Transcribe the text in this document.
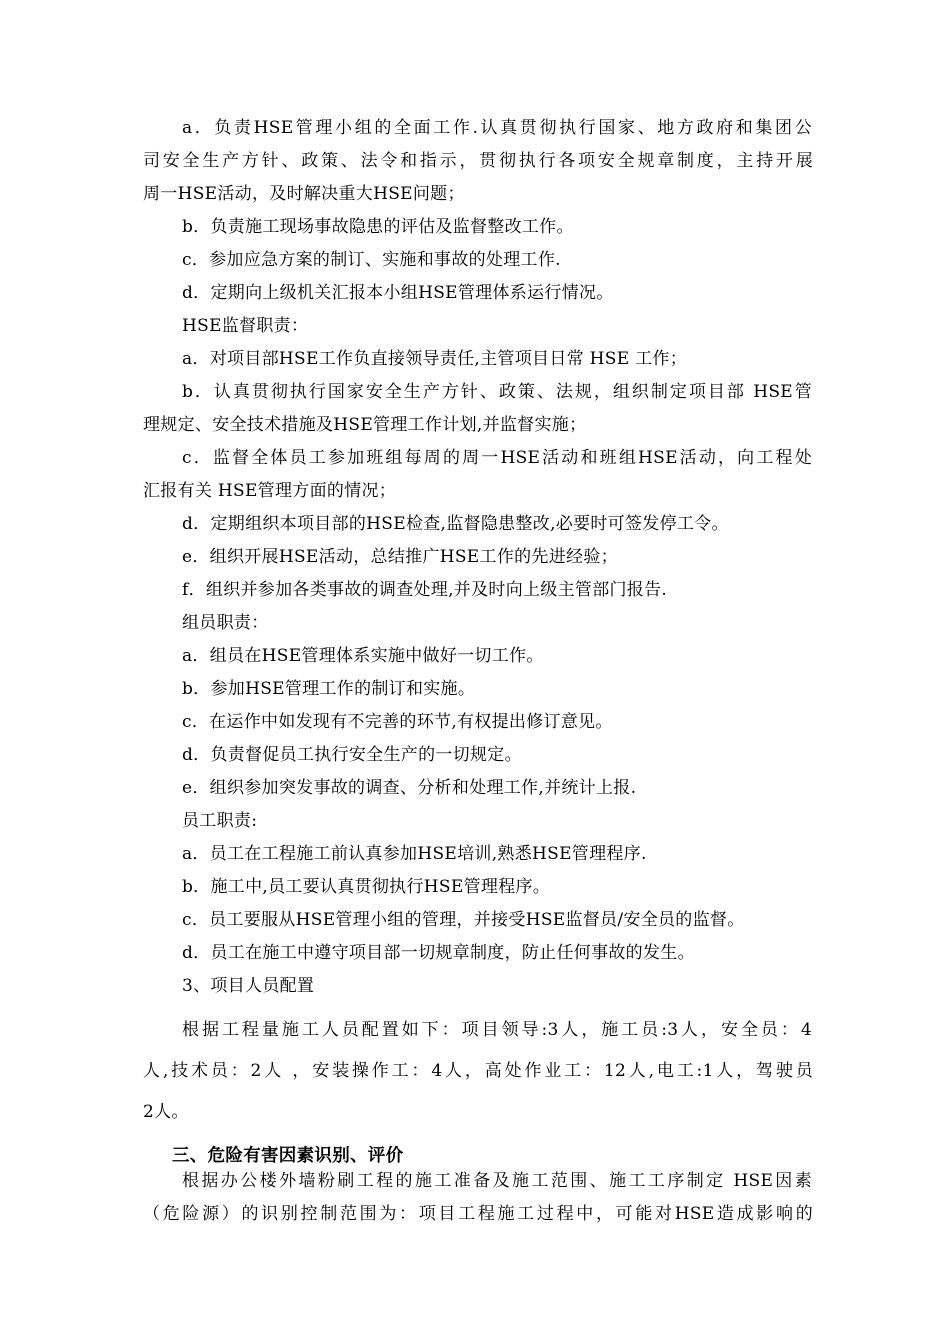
a．负责HSE管理小组的全面工作.认真贯彻执行国家、地方政府和集团公
司安全生产方针、政策、法令和指示，贯彻执行各项安全规章制度，主持开展
周一HSE活动，及时解决重大HSE问题；
b．负责施工现场事故隐患的评估及监督整改工作。
c．参加应急方案的制订、实施和事故的处理工作.
d．定期向上级机关汇报本小组HSE管理体系运行情况。
HSE监督职责：
a．对项目部HSE工作负直接领导责任,主管项目日常 HSE 工作；
b．认真贯彻执行国家安全生产方针、政策、法规，组织制定项目部 HSE管
理规定、安全技术措施及HSE管理工作计划,并监督实施；
c．监督全体员工参加班组每周的周一HSE活动和班组HSE活动，向工程处
汇报有关 HSE管理方面的情况；
d．定期组织本项目部的HSE检查,监督隐患整改,必要时可签发停工令。
e．组织开展HSE活动，总结推广HSE工作的先进经验；
f．组织并参加各类事故的调查处理,并及时向上级主管部门报告.
组员职责：
a．组员在HSE管理体系实施中做好一切工作。
b．参加HSE管理工作的制订和实施。
c．在运作中如发现有不完善的环节,有权提出修订意见。
d．负责督促员工执行安全生产的一切规定。
e．组织参加突发事故的调查、分析和处理工作,并统计上报.
员工职责:
a．员工在工程施工前认真参加HSE培训,熟悉HSE管理程序.
b．施工中,员工要认真贯彻执行HSE管理程序。
c．员工要服从HSE管理小组的管理，并接受HSE监督员/安全员的监督。
d．员工在施工中遵守项目部一切规章制度，防止任何事故的发生。
3、项目人员配置
根据工程量施工人员配置如下：项目领导:3人，施工员:3人，安全员：4
人,技术员：2人 ，安装操作工：4人，高处作业工：12人,电工:1人，驾驶员
2人。
三、危险有害因素识别、评价
根据办公楼外墙粉刷工程的施工准备及施工范围、施工工序制定 HSE因素
（危险源）的识别控制范围为：项目工程施工过程中，可能对HSE造成影响的
